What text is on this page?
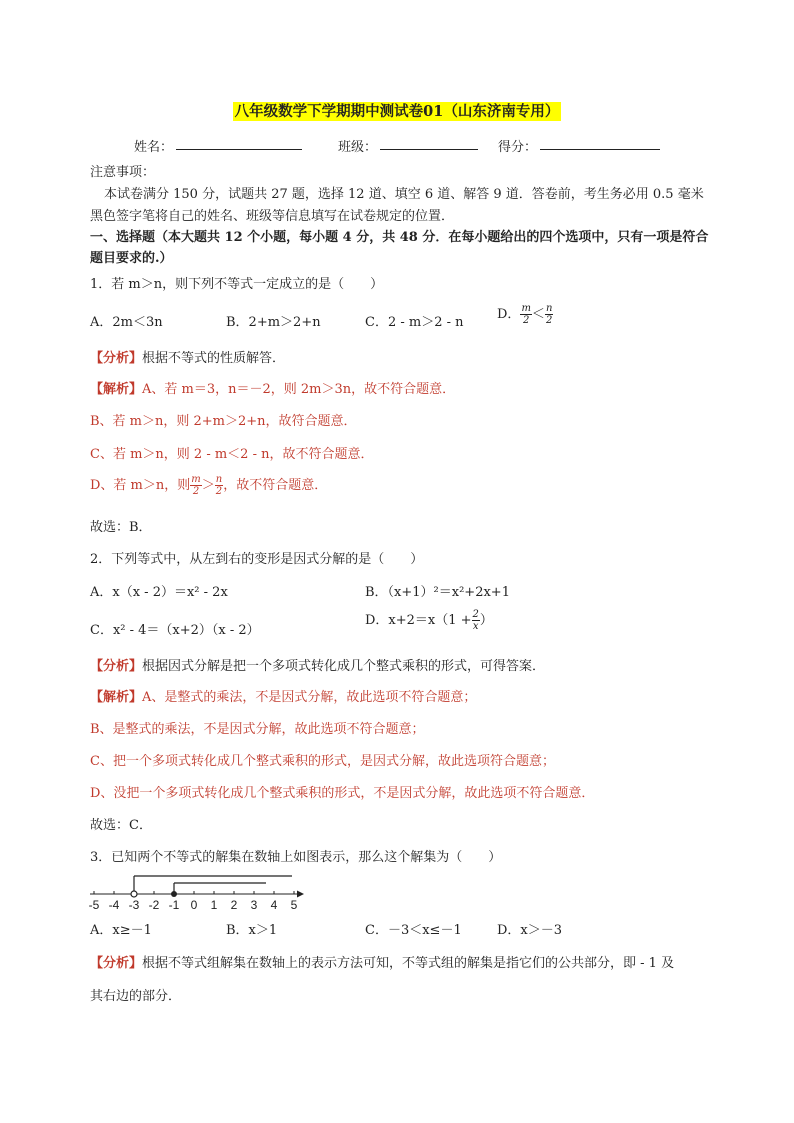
八年级数学下学期期中测试卷01（山东济南专用）
姓名：	班级：	得分：
注意事项：
本试卷满分 150 分，试题共 27 题，选择 12 道、填空 6 道、解答 9 道．答卷前，考生务必用 0.5 毫米
黑色签字笔将自己的姓名、班级等信息填写在试卷规定的位置．
一、选择题（本大题共 12 个小题，每小题 4 分，共 48 分．在每小题给出的四个选项中，只有一项是符合
题目要求的.）
1．若 m＞n，则下列不等式一定成立的是（　　）
A．2m＜3n	B．2+m＞2+n	C．2 - m＞2 - n
D． $\frac{m}{2} < \frac{n}{2}$
【分析】根据不等式的性质解答．
【解析】A、若 m＝3，n＝－2，则 2m＞3n，故不符合题意．
B、若 m＞n，则 2+m＞2+n，故符合题意．
C、若 m＞n，则 2 - m＜2 - n，故不符合题意．
D、若 m＞n，则 $\frac{m}{2} > \frac{n}{2}$ ，故不符合题意．
故选：B．
2．下列等式中，从左到右的变形是因式分解的是（　　）
A．x（x - 2）＝x² - 2x	B．（x+1）²＝x²+2x+1
C．x² - 4＝（x+2）（x - 2）
D．$x+2=x(1 + \frac{2}{x}$ ）
【分析】根据因式分解是把一个多项式转化成几个整式乘积的形式，可得答案．
【解析】A、是整式的乘法，不是因式分解，故此选项不符合题意；
B、是整式的乘法，不是因式分解，故此选项不符合题意；
C、把一个多项式转化成几个整式乘积的形式，是因式分解，故此选项符合题意；
D、没把一个多项式转化成几个整式乘积的形式，不是因式分解，故此选项不符合题意．
故选：C．
3．已知两个不等式的解集在数轴上如图表示，那么这个解集为（　　）
-5 -4 -3 -2 -1 0 1 2 3 4 5
A．x≥－1	B．x＞1	C．－3＜x≤－1	D．x＞－3
【分析】根据不等式组解集在数轴上的表示方法可知，不等式组的解集是指它们的公共部分，即 - 1 及
其右边的部分．
